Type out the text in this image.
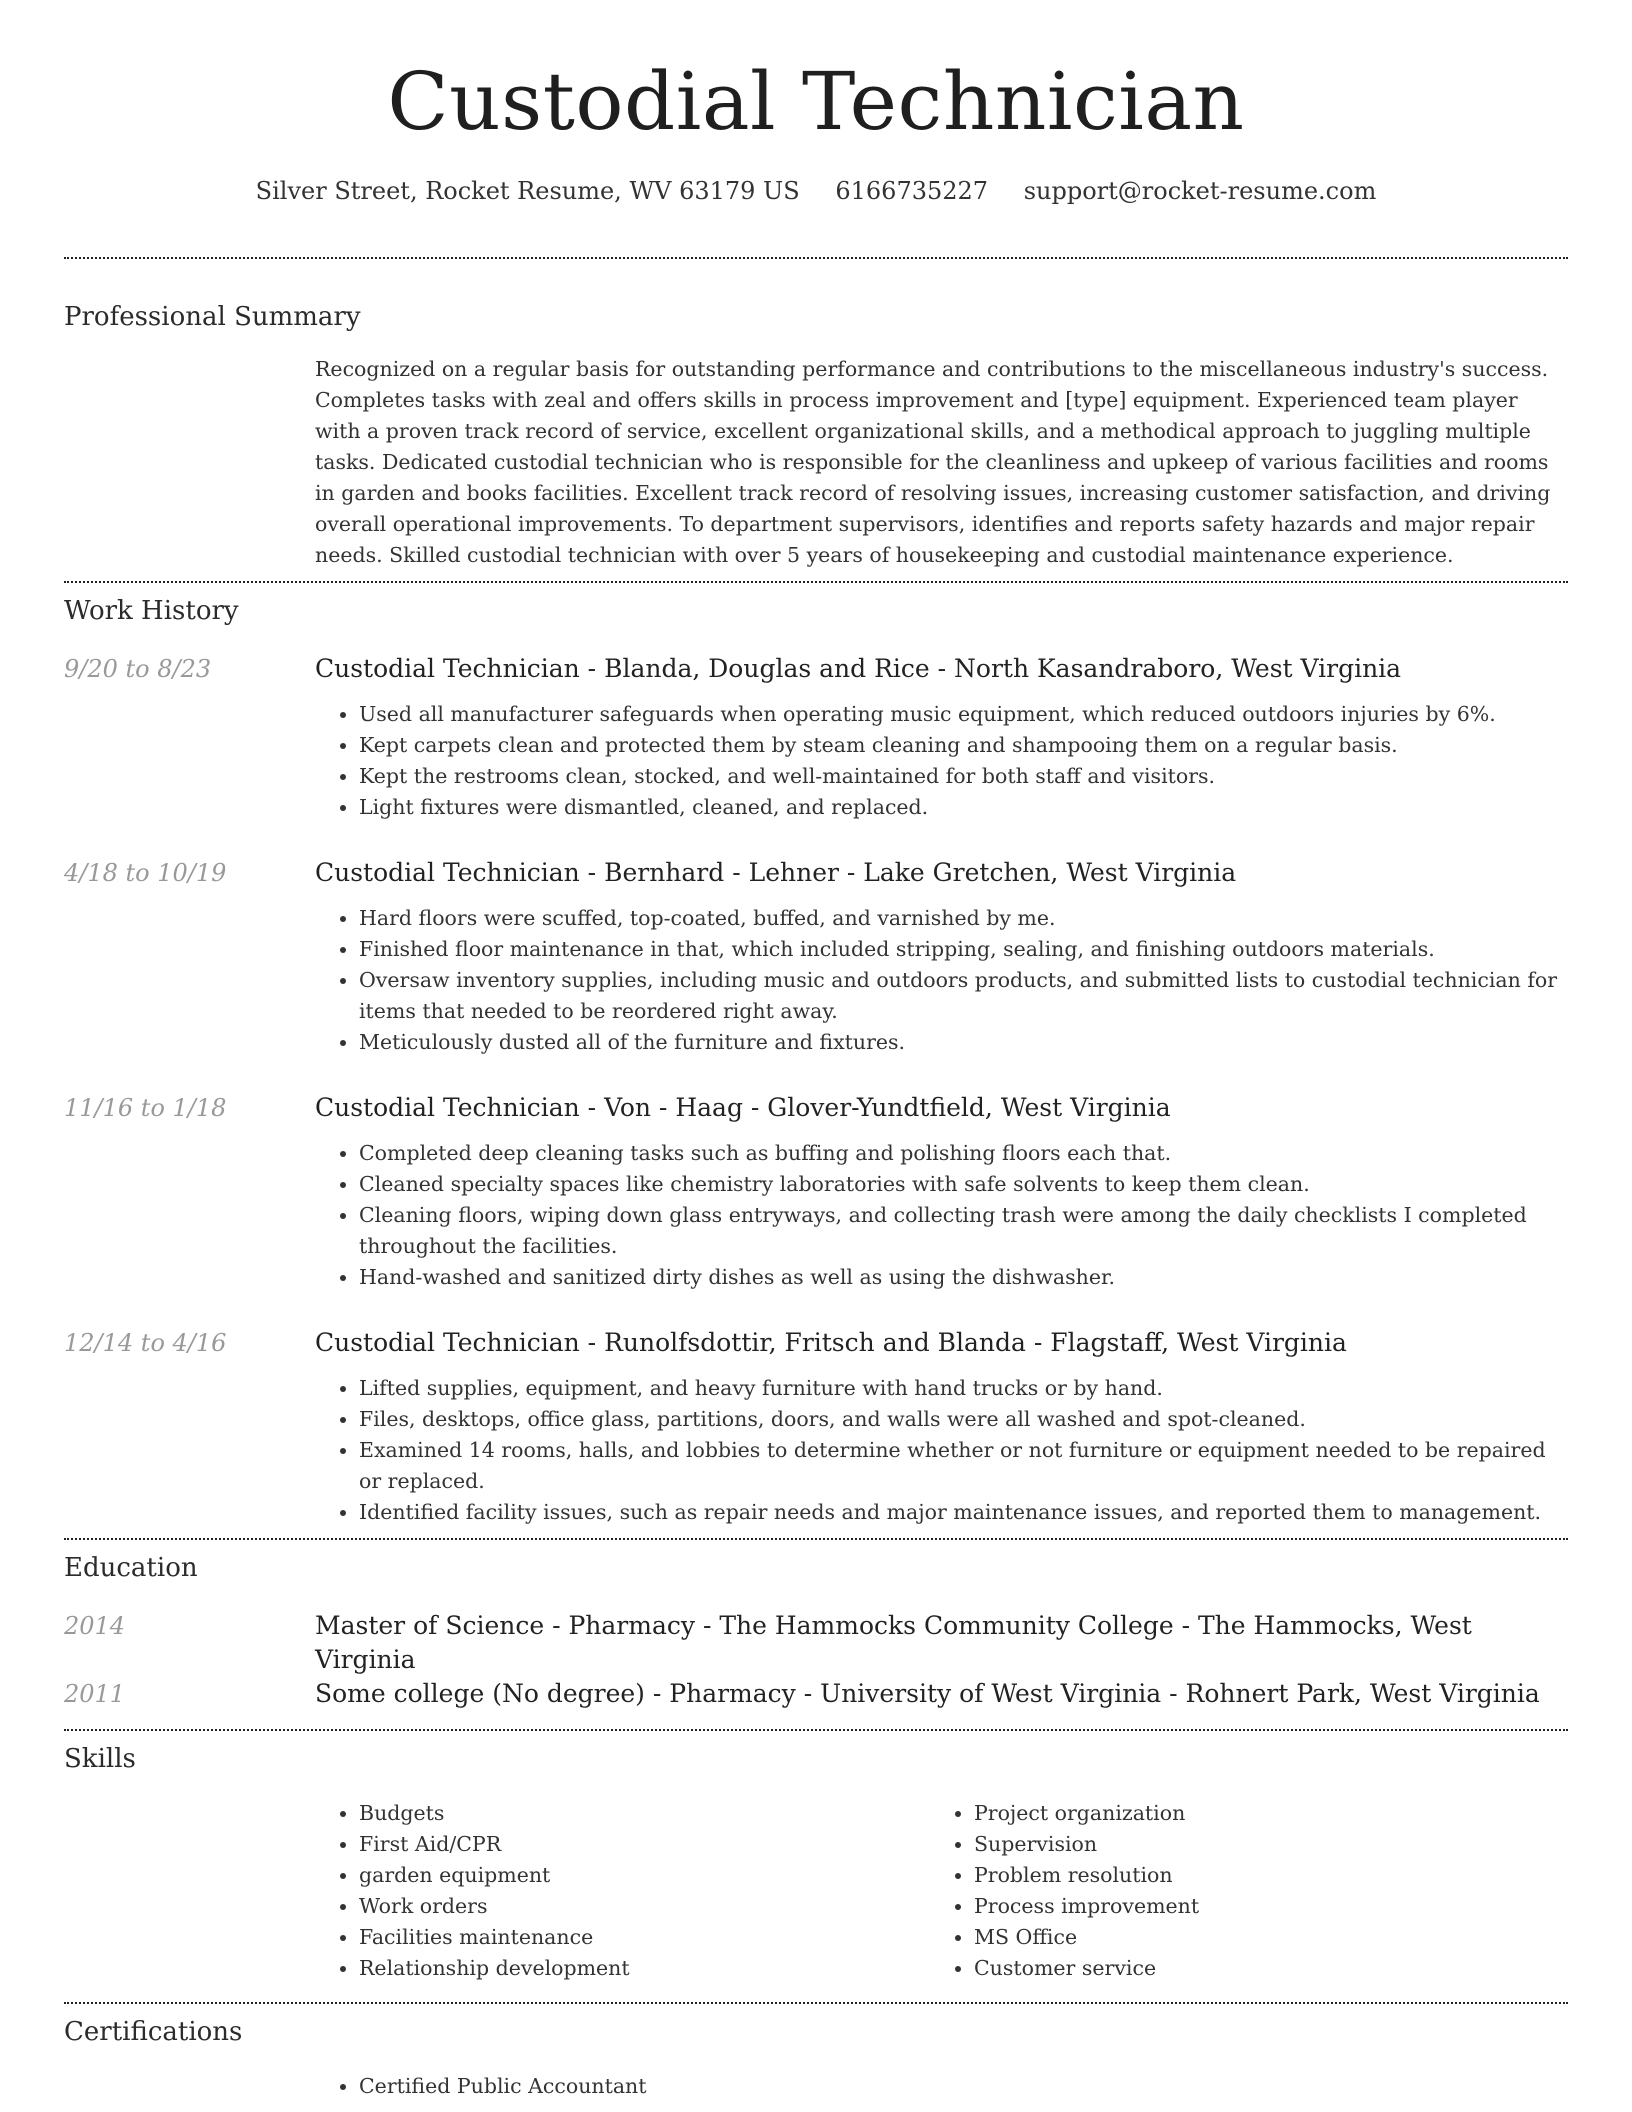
Custodial Technician
Silver Street, Rocket Resume, WV 63179 US 6166735227 support@rocket-resume.com
Professional Summary
Recognized on a regular basis for outstanding performance and contributions to the miscellaneous industry's success. Completes tasks with zeal and offers skills in process improvement and [type] equipment. Experienced team player with a proven track record of service, excellent organizational skills, and a methodical approach to juggling multiple tasks. Dedicated custodial technician who is responsible for the cleanliness and upkeep of various facilities and rooms in garden and books facilities. Excellent track record of resolving issues, increasing customer satisfaction, and driving overall operational improvements. To department supervisors, identifies and reports safety hazards and major repair needs. Skilled custodial technician with over 5 years of housekeeping and custodial maintenance experience.
Work History
9/20 to 8/23	Custodial Technician - Blanda, Douglas and Rice - North Kasandraboro, West Virginia
• Used all manufacturer safeguards when operating music equipment, which reduced outdoors injuries by 6%.
• Kept carpets clean and protected them by steam cleaning and shampooing them on a regular basis.
• Kept the restrooms clean, stocked, and well-maintained for both staff and visitors.
• Light fixtures were dismantled, cleaned, and replaced.
4/18 to 10/19	Custodial Technician - Bernhard - Lehner - Lake Gretchen, West Virginia
• Hard floors were scuffed, top-coated, buffed, and varnished by me.
• Finished floor maintenance in that, which included stripping, sealing, and finishing outdoors materials.
• Oversaw inventory supplies, including music and outdoors products, and submitted lists to custodial technician for items that needed to be reordered right away.
• Meticulously dusted all of the furniture and fixtures.
11/16 to 1/18	Custodial Technician - Von - Haag - Glover-Yundtfield, West Virginia
• Completed deep cleaning tasks such as buffing and polishing floors each that.
• Cleaned specialty spaces like chemistry laboratories with safe solvents to keep them clean.
• Cleaning floors, wiping down glass entryways, and collecting trash were among the daily checklists I completed throughout the facilities.
• Hand-washed and sanitized dirty dishes as well as using the dishwasher.
12/14 to 4/16	Custodial Technician - Runolfsdottir, Fritsch and Blanda - Flagstaff, West Virginia
• Lifted supplies, equipment, and heavy furniture with hand trucks or by hand.
• Files, desktops, office glass, partitions, doors, and walls were all washed and spot-cleaned.
• Examined 14 rooms, halls, and lobbies to determine whether or not furniture or equipment needed to be repaired or replaced.
• Identified facility issues, such as repair needs and major maintenance issues, and reported them to management.
Education
2014	Master of Science - Pharmacy - The Hammocks Community College - The Hammocks, West Virginia
2011	Some college (No degree) - Pharmacy - University of West Virginia - Rohnert Park, West Virginia
Skills
• Budgets
• First Aid/CPR
• garden equipment
• Work orders
• Facilities maintenance
• Relationship development
• Project organization
• Supervision
• Problem resolution
• Process improvement
• MS Office
• Customer service
Certifications
• Certified Public Accountant
